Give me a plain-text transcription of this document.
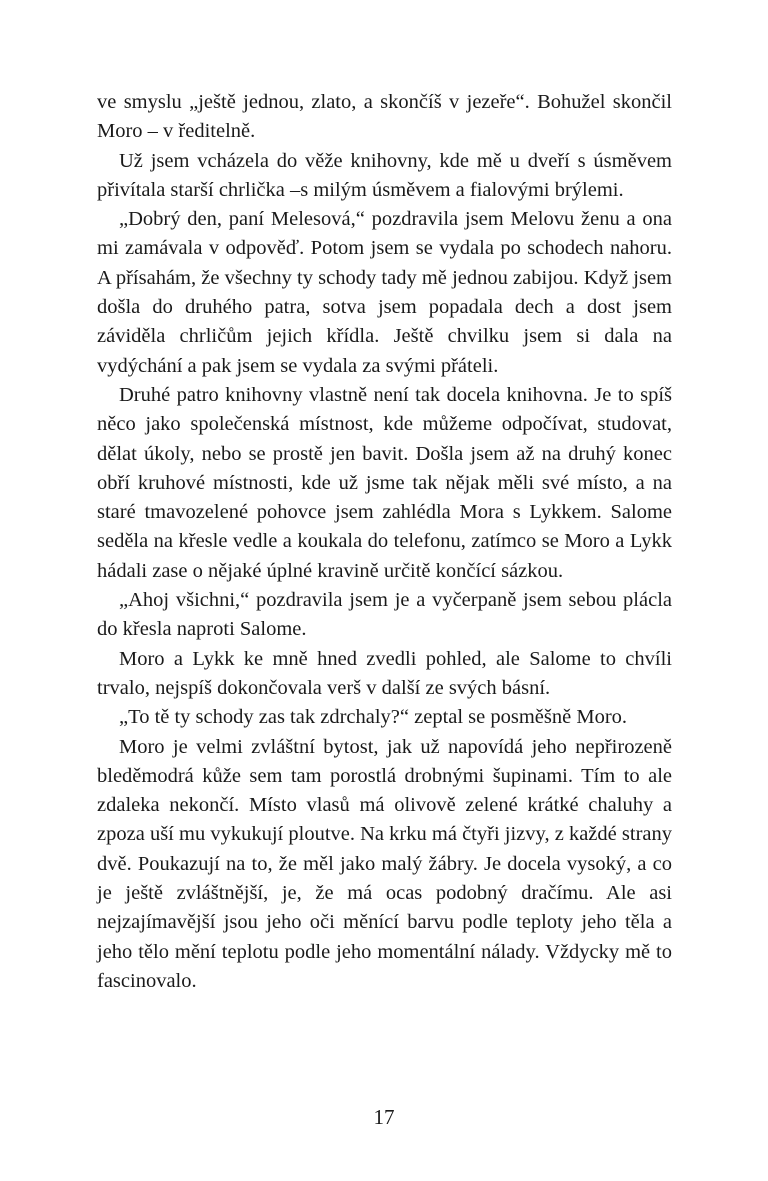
ve smyslu „ještě jednou, zlato, a skončíš v jezeře“. Bohužel skončil Moro – v ředitelně.

Už jsem vcházela do věže knihovny, kde mě u dveří s úsměvem přivítala starší chrlička –s milým úsměvem a fialovými brýlemi.

„Dobrý den, paní Melesová,“ pozdravila jsem Melovu ženu a ona mi zamávala v odpověď. Potom jsem se vydala po schodech nahoru. A přísahám, že všechny ty schody tady mě jednou zabijou. Když jsem došla do druhého patra, sotva jsem popadala dech a dost jsem záviděla chrličům jejich křídla. Ještě chvilku jsem si dala na vydýchání a pak jsem se vydala za svými přáteli.

Druhé patro knihovny vlastně není tak docela knihovna. Je to spíš něco jako společenská místnost, kde můžeme odpočívat, studovat, dělat úkoly, nebo se prostě jen bavit. Došla jsem až na druhý konec obří kruhové místnosti, kde už jsme tak nějak měli své místo, a na staré tmavozelené pohovce jsem zahlédla Mora s Lykkem. Salome seděla na křesle vedle a koukala do telefonu, zatímco se Moro a Lykk hádali zase o nějaké úplné kravině určitě končící sázkou.

„Ahoj všichni,“ pozdravila jsem je a vyčerpaně jsem sebou plácla do křesla naproti Salome.

Moro a Lykk ke mně hned zvedli pohled, ale Salome to chvíli trvalo, nejspíš dokončovala verš v další ze svých básní.

„To tě ty schody zas tak zdrchaly?“ zeptal se posměšně Moro.

Moro je velmi zvláštní bytost, jak už napovídá jeho nepřirozeně bleděmodrá kůže sem tam porostlá drobnými šupinami. Tím to ale zdaleka nekončí. Místo vlasů má olivově zelené krátké chaluhy a zpoza uší mu vykukují ploutve. Na krku má čtyři jizvy, z každé strany dvě. Poukazují na to, že měl jako malý žábry. Je docela vysoký, a co je ještě zvláštnější, je, že má ocas podobný dračímu. Ale asi nejzajímavější jsou jeho oči měnící barvu podle teploty jeho těla a jeho tělo mění teplotu podle jeho momentální nálady. Vždycky mě to fascinovalo.

17
